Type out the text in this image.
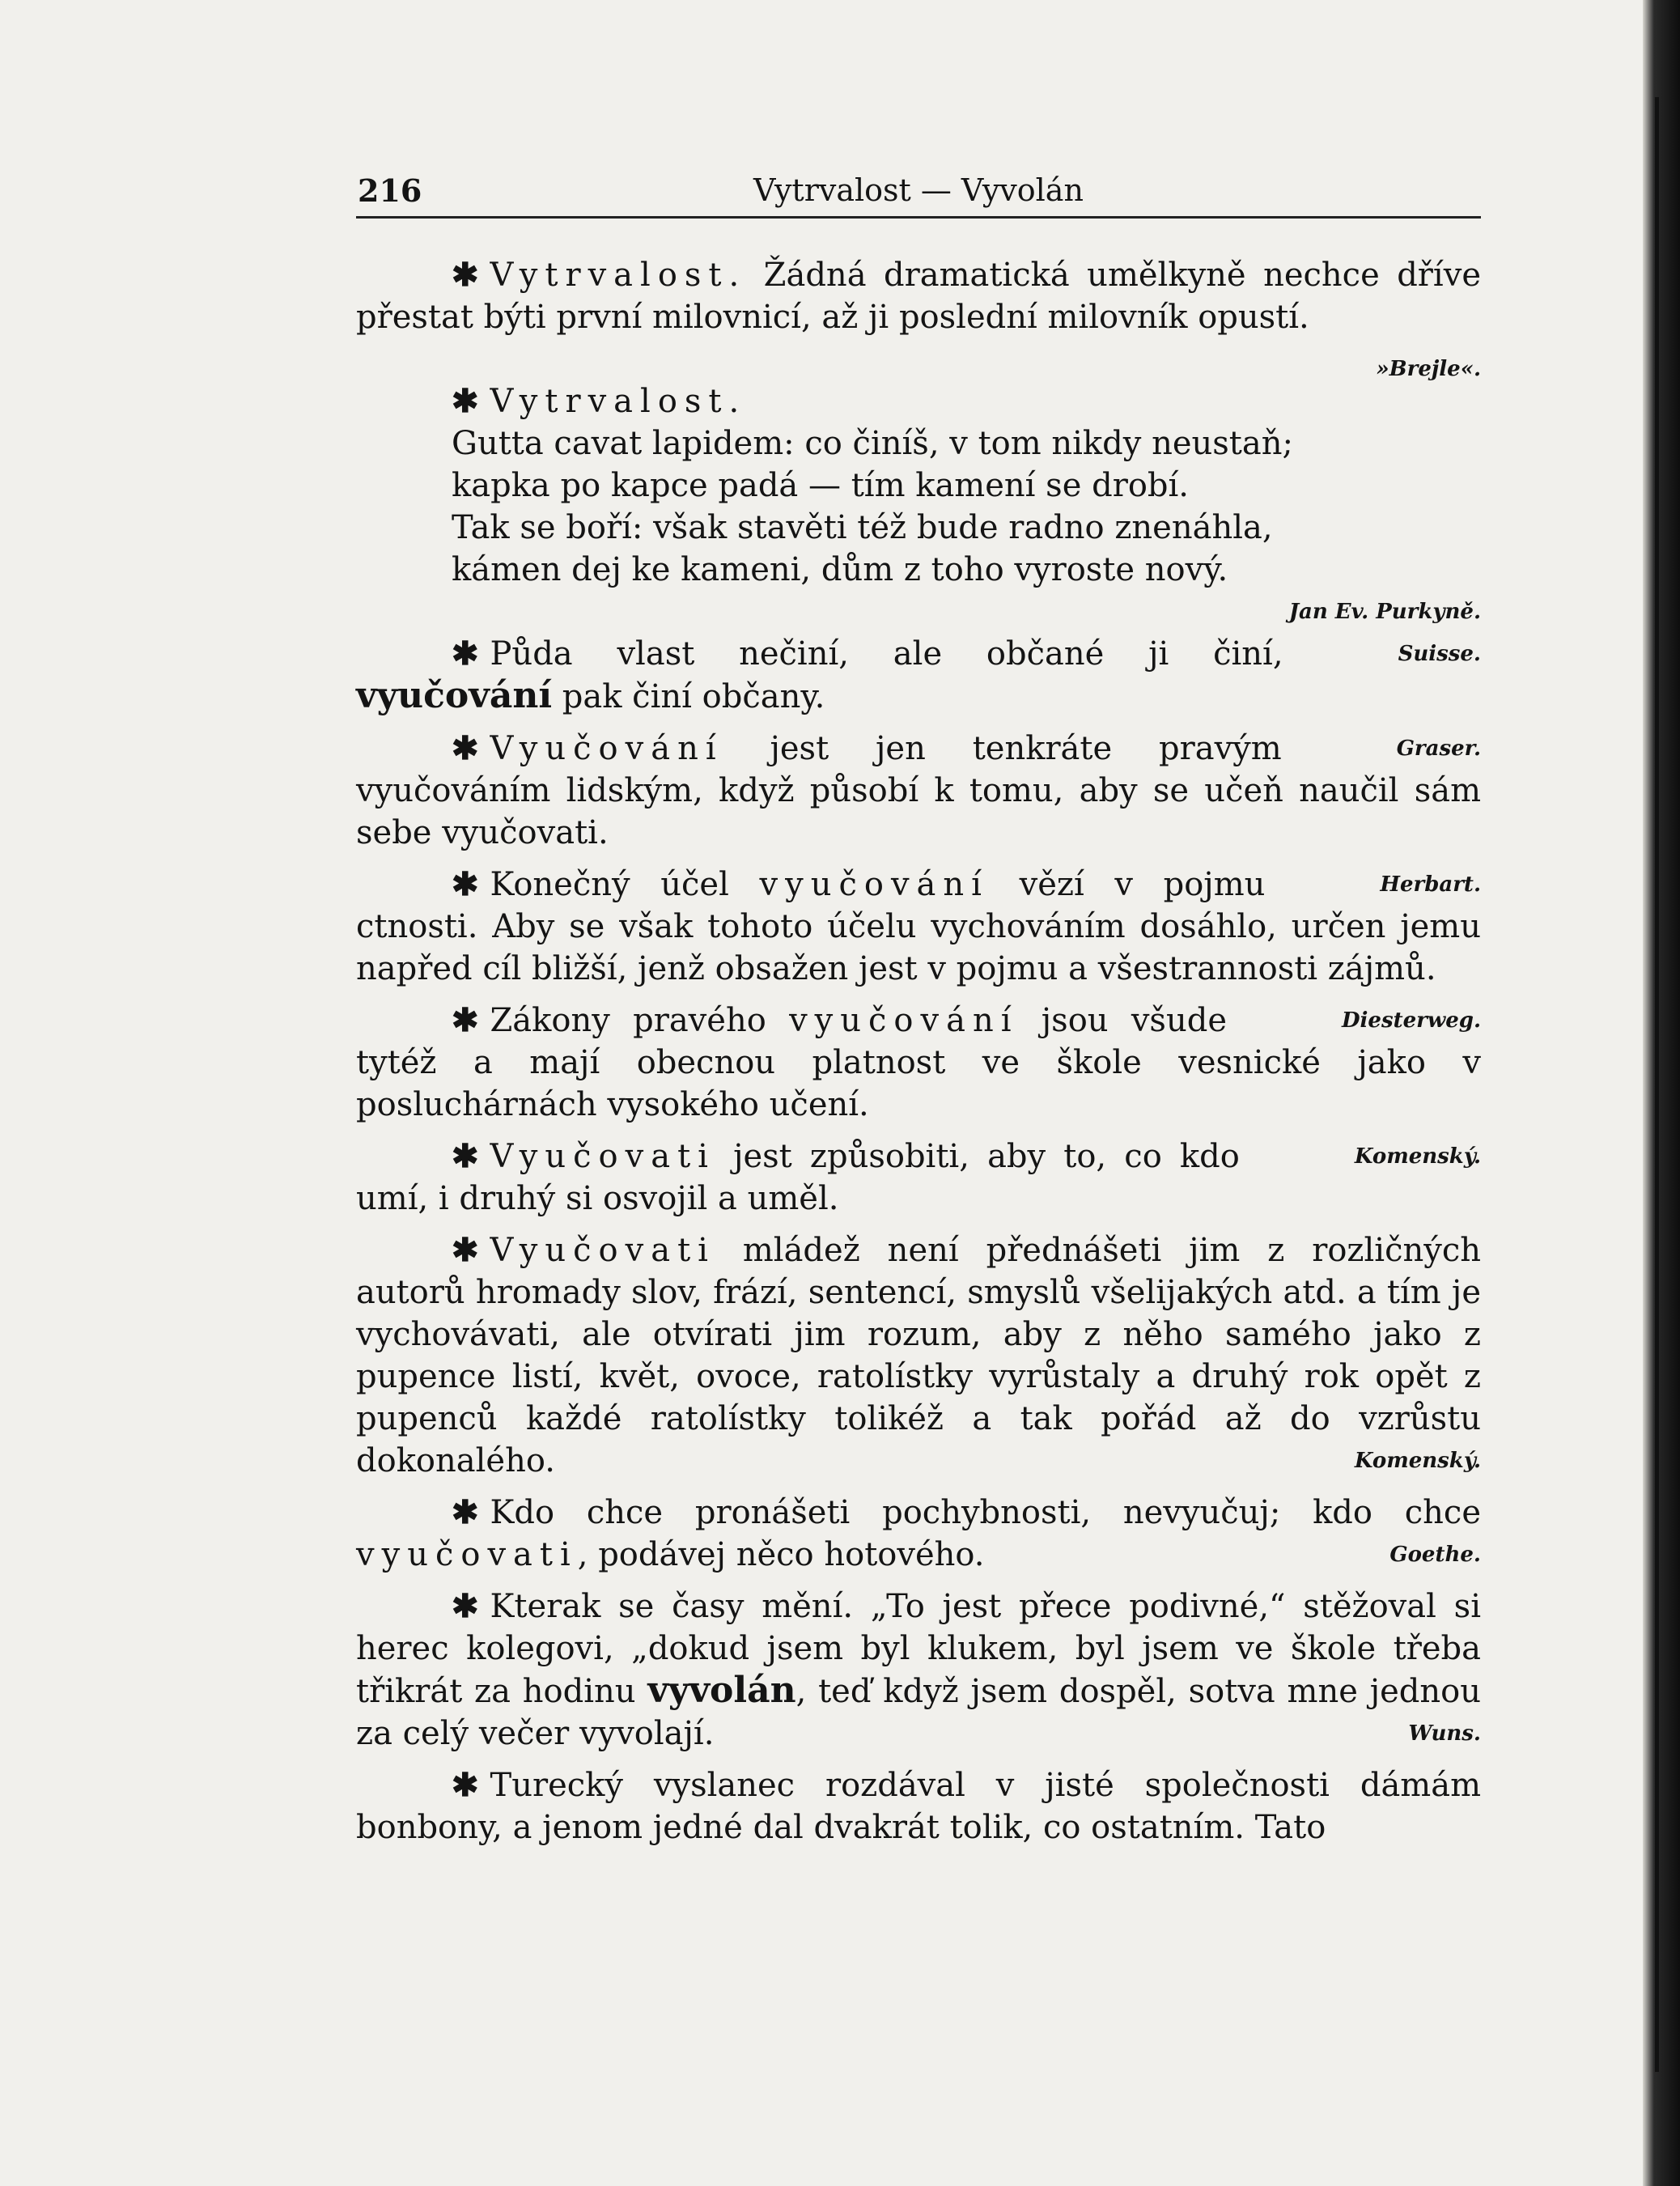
216	Vytrvalost — Vyvolán

✱ Vytrvalost. Žádná dramatická umělkyně nechce dříve přestat býti první milovnicí, až ji poslední milovník opustí.

»Brejle«.
✱ Vytrvalost.
Gutta cavat lapidem: co činíš, v tom nikdy neustaň;
kapka po kapce padá — tím kamení se drobí.
Tak se boří: však stavěti též bude radno znenáhla,
kámen dej ke kameni, dům z toho vyroste nový.
Jan Ev. Purkyně.

Suisse.
✱ Půda vlast nečiní, ale občané ji činí, vyučování pak činí občany.

Graser.
✱ Vyučování jest jen tenkráte pravým vyučováním lidským, když působí k tomu, aby se učeň naučil sám sebe vyučovati.

Herbart.
✱ Konečný účel vyučování vězí v pojmu ctnosti. Aby se však tohoto účelu vychováním dosáhlo, určen jemu napřed cíl bližší, jenž obsažen jest v pojmu a všestrannosti zájmů.

Diesterweg.
✱ Zákony pravého vyučování jsou všude tytéž a mají obecnou platnost ve škole vesnické jako v posluchárnách vysokého učení.

Komenský.
✱ Vyučovati jest způsobiti, aby to, co kdo umí, i druhý si osvojil a uměl.

✱ Vyučovati mládež není přednášeti jim z rozličných autorů hromady slov, frází, sentencí, smyslů všelijakých atd. a tím je vychovávati, ale otvírati jim rozum, aby z něho samého jako z pupence listí, květ, ovoce, ratolístky vyrůstaly a druhý rok opět z pupenců každé ratolístky tolikéž a tak pořád až do vzrůstu dokonalého.	Komenský.

✱ Kdo chce pronášeti pochybnosti, nevyučuj; kdo chce vyučovati, podávej něco hotového.	Goethe.

✱ Kterak se časy mění. „To jest přece podivné,“ stěžoval si herec kolegovi, „dokud jsem byl klukem, byl jsem ve škole třeba třikrát za hodinu vyvolán, teď když jsem dospěl, sotva mne jednou za celý večer vyvolají.	Wuns.

✱ Turecký vyslanec rozdával v jisté společnosti dámám bonbony, a jenom jedné dal dvakrát tolik, co ostatním. Tato
